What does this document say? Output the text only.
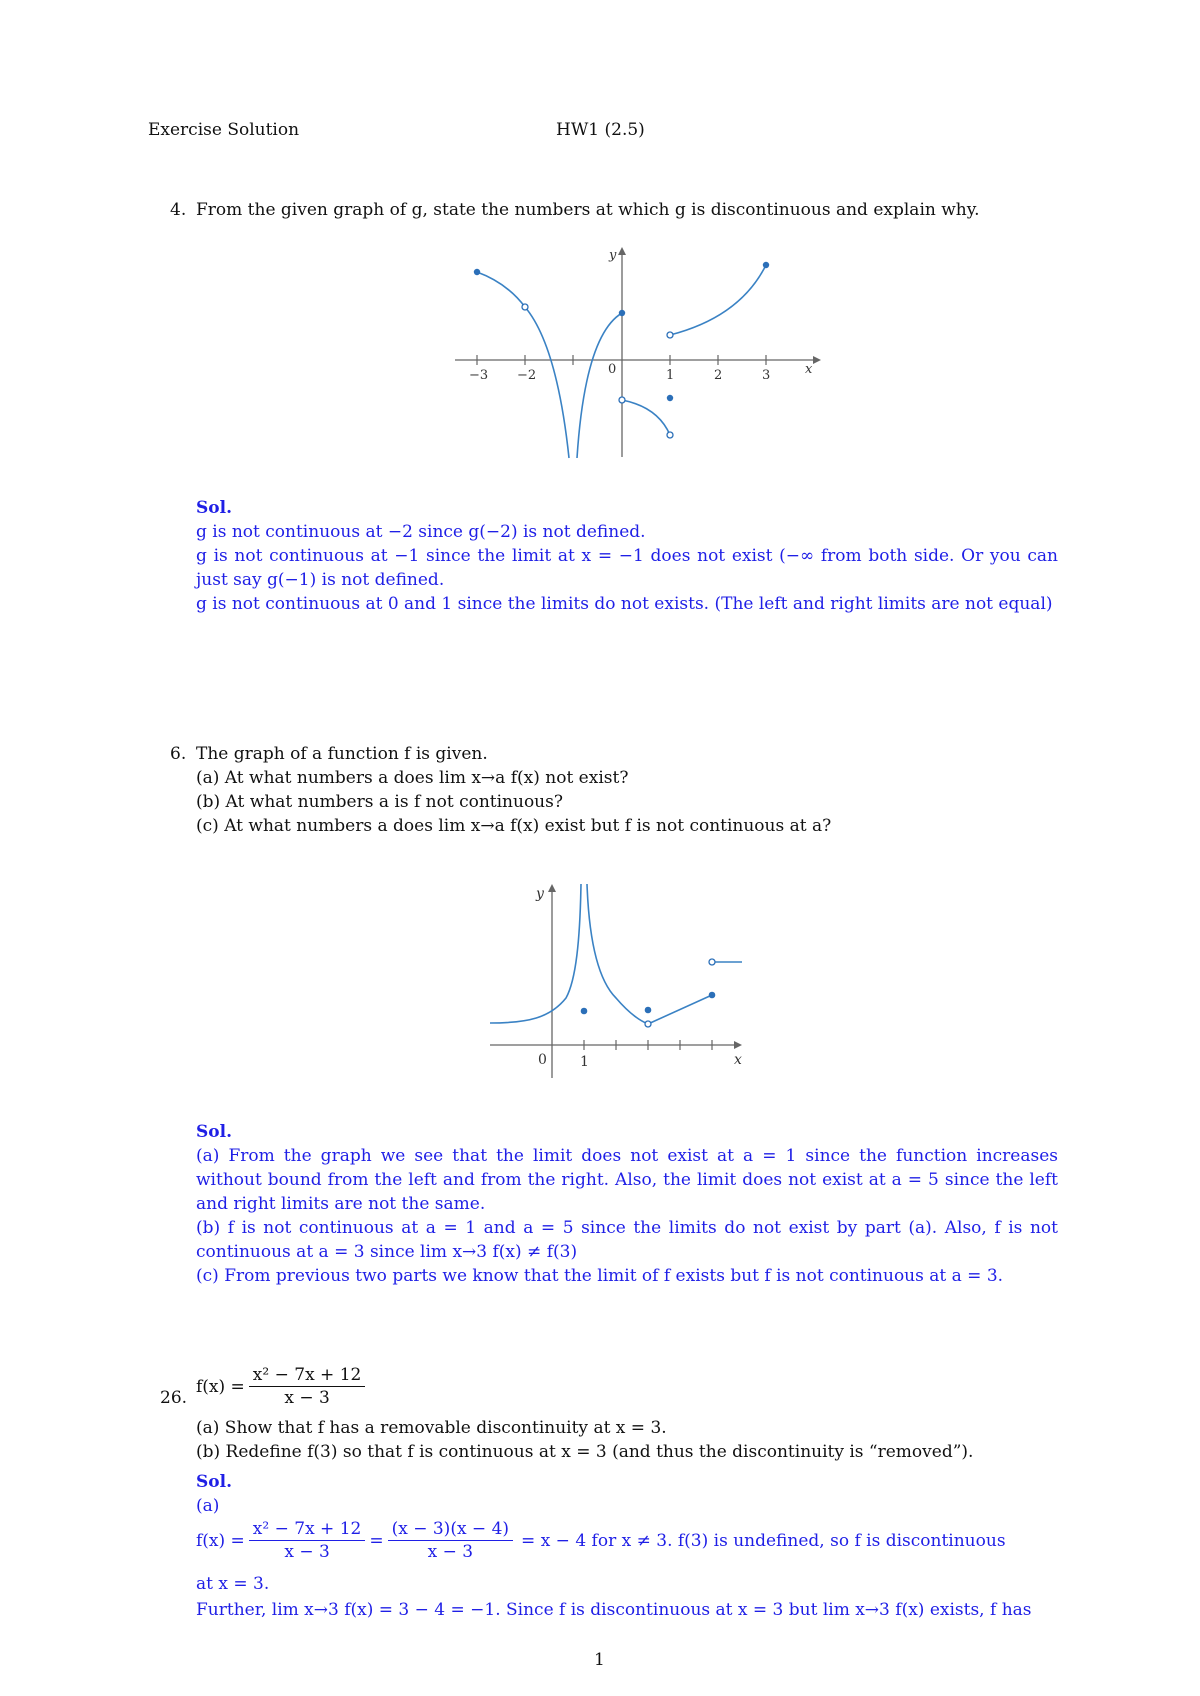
Exercise Solution	HW1 (2.5)
4. From the given graph of g, state the numbers at which g is discontinuous and explain why.
−3 −2	0	1	2	3	x
y

Sol.

g is not continuous at −2 since g(−2) is not defined.

g is not continuous at −1 since the limit at x = −1 does not exist (−∞ from both side. Or you can just say g(−1) is not defined.

g is not continuous at 0 and 1 since the limits do not exists. (The left and right limits are not equal)

6. The graph of a function f is given.
(a) At what numbers a does lim x→a f(x) not exist?
(b) At what numbers a is f not continuous?
(c) At what numbers a does lim x→a f(x) exist but f is not continuous at a?
0 1	x
y

Sol.

(a) From the graph we see that the limit does not exist at a = 1 since the function increases without bound from the left and from the right. Also, the limit does not exist at a = 5 since the left and right limits are not the same.

(b) f is not continuous at a = 1 and a = 5 since the limits do not exist by part (a). Also, f is not continuous at a = 3 since lim x→3 f(x) ≠ f(3)

(c) From previous two parts we know that the limit of f exists but f is not continuous at a = 3.

26.
$f(x) = \frac{\text{x² − 7x + 12}}{x - 3}$
(a) Show that f has a removable discontinuity at x = 3.
(b) Redefine f(3) so that f is continuous at x = 3 (and thus the discontinuity is “removed”).
Sol.
(a)
$f(x) = \frac{\text{x² − 7x + 12}}{x - 3} = \frac{(x - 3)(x - 4)}{x - 3} = x - 4$ for x ≠ 3. f(3) is undefined, so f is discontinuous
at x = 3.
Further, lim x→3 f(x) = 3 − 4 = −1. Since f is discontinuous at x = 3 but lim x→3 f(x) exists, f has
1
